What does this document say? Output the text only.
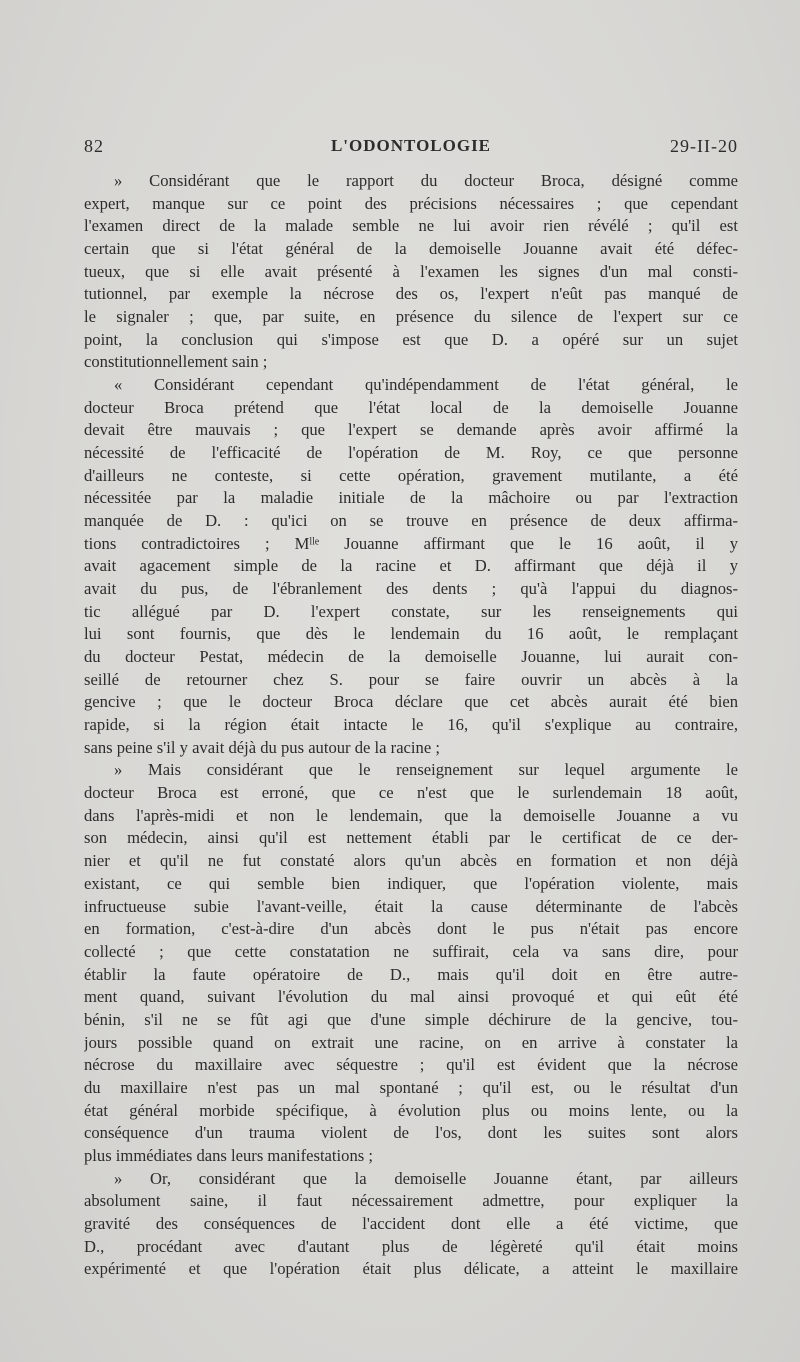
82	L'ODONTOLOGIE	29-II-20
» Considérant que le rapport du docteur Broca, désigné comme
expert, manque sur ce point des précisions nécessaires ; que cependant
l'examen direct de la malade semble ne lui avoir rien révélé ; qu'il est
certain que si l'état général de la demoiselle Jouanne avait été défec-
tueux, que si elle avait présenté à l'examen les signes d'un mal consti-
tutionnel, par exemple la nécrose des os, l'expert n'eût pas manqué de
le signaler ; que, par suite, en présence du silence de l'expert sur ce
point, la conclusion qui s'impose est que D. a opéré sur un sujet
constitutionnellement sain ;
« Considérant cependant qu'indépendamment de l'état général, le
docteur Broca prétend que l'état local de la demoiselle Jouanne
devait être mauvais ; que l'expert se demande après avoir affirmé la
nécessité de l'efficacité de l'opération de M. Roy, ce que personne
d'ailleurs ne conteste, si cette opération, gravement mutilante, a été
nécessitée par la maladie initiale de la mâchoire ou par l'extraction
manquée de D. : qu'ici on se trouve en présence de deux affirma-
tions contradictoires ; Mˡˡᵉ Jouanne affirmant que le 16 août, il y
avait agacement simple de la racine et D. affirmant que déjà il y
avait du pus, de l'ébranlement des dents ; qu'à l'appui du diagnos-
tic allégué par D. l'expert constate, sur les renseignements qui
lui sont fournis, que dès le lendemain du 16 août, le remplaçant
du docteur Pestat, médecin de la demoiselle Jouanne, lui aurait con-
seillé de retourner chez S. pour se faire ouvrir un abcès à la
gencive ; que le docteur Broca déclare que cet abcès aurait été bien
rapide, si la région était intacte le 16, qu'il s'explique au contraire,
sans peine s'il y avait déjà du pus autour de la racine ;
» Mais considérant que le renseignement sur lequel argumente le
docteur Broca est erroné, que ce n'est que le surlendemain 18 août,
dans l'après-midi et non le lendemain, que la demoiselle Jouanne a vu
son médecin, ainsi qu'il est nettement établi par le certificat de ce der-
nier et qu'il ne fut constaté alors qu'un abcès en formation et non déjà
existant, ce qui semble bien indiquer, que l'opération violente, mais
infructueuse subie l'avant-veille, était la cause déterminante de l'abcès
en formation, c'est-à-dire d'un abcès dont le pus n'était pas encore
collecté ; que cette constatation ne suffirait, cela va sans dire, pour
établir la faute opératoire de D., mais qu'il doit en être autre-
ment quand, suivant l'évolution du mal ainsi provoqué et qui eût été
bénin, s'il ne se fût agi que d'une simple déchirure de la gencive, tou-
jours possible quand on extrait une racine, on en arrive à constater la
nécrose du maxillaire avec séquestre ; qu'il est évident que la nécrose
du maxillaire n'est pas un mal spontané ; qu'il est, ou le résultat d'un
état général morbide spécifique, à évolution plus ou moins lente, ou la
conséquence d'un trauma violent de l'os, dont les suites sont alors
plus immédiates dans leurs manifestations ;
» Or, considérant que la demoiselle Jouanne étant, par ailleurs
absolument saine, il faut nécessairement admettre, pour expliquer la
gravité des conséquences de l'accident dont elle a été victime, que
D., procédant avec d'autant plus de légèreté qu'il était moins
expérimenté et que l'opération était plus délicate, a atteint le maxillaire
